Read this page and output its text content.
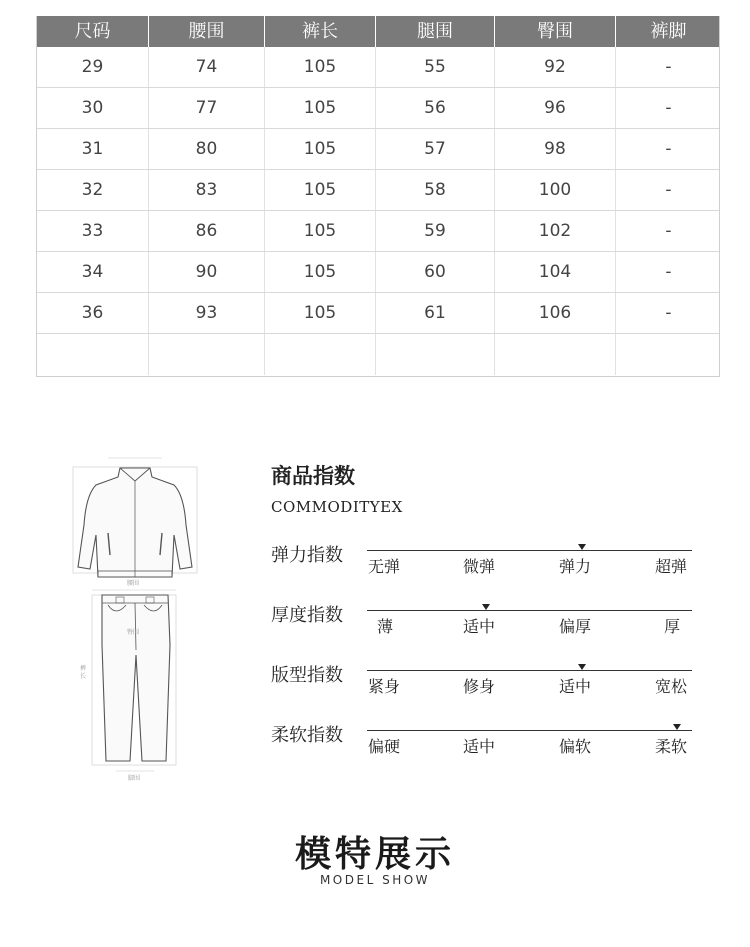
尺码	腰围	裤长	腿围	臀围	裤脚
29	74	105	55	92	-
30	77	105	56	96	-
31	80	105	57	98	-
32	83	105	58	100	-
33	86	105	59	102	-
34	90	105	60	104	-
36	93	105	61	106	-
腰围
臀围
裤
长
脚围
商品指数
COMMODITYEX
弹力指数
无弹	微弹	弹力	超弹
厚度指数
薄	适中	偏厚	厚
版型指数
紧身	修身	适中	宽松
柔软指数
偏硬	适中	偏软	柔软
模特展示
MODEL SHOW
